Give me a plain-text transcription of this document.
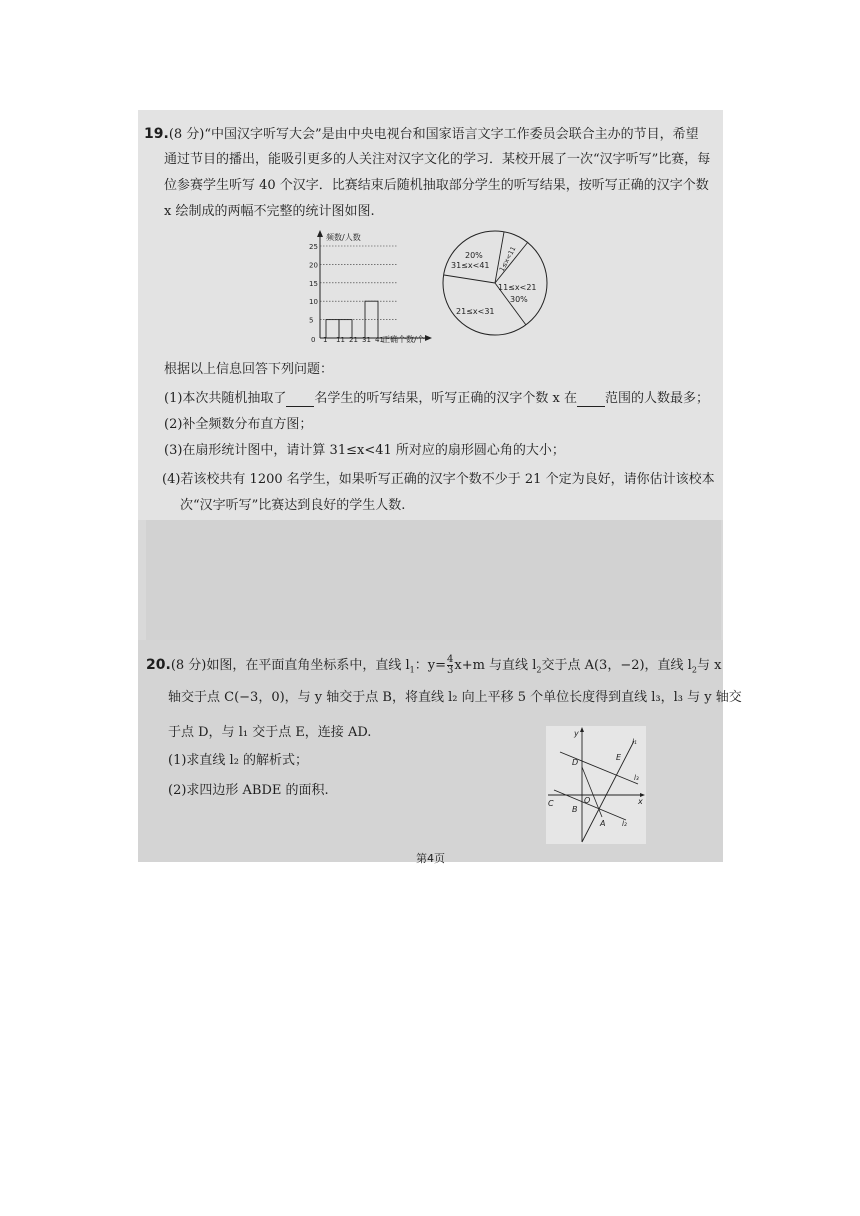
19.(8 分)“中国汉字听写大会”是由中央电视台和国家语言文字工作委员会联合主办的节目，希望
通过节目的播出，能吸引更多的人关注对汉字文化的学习．某校开展了一次“汉字听写”比赛，每
位参赛学生听写 40 个汉字．比赛结束后随机抽取部分学生的听写结果，按听写正确的汉字个数
x 绘制成的两幅不完整的统计图如图.
频数/人数
正确个数/个
5
10
15
20
25
1 11 21 31 41
0
20%
31≤x<41 1≤x<11
11≤x<21
30%
21≤x<31
根据以上信息回答下列问题：
(1)本次共随机抽取了 名学生的听写结果，听写正确的汉字个数 x 在 范围的人数最多；
(2)补全频数分布直方图；
(3)在扇形统计图中，请计算 31≤x<41 所对应的扇形圆心角的大小；
(4)若该校共有 1200 名学生，如果听写正确的汉字个数不少于 21 个定为良好，请你估计该校本
次“汉字听写”比赛达到良好的学生人数.
20.(8 分)如图，在平面直角坐标系中，直线 $l_1$：$y= \frac{4}{3} x+m$ 与直线 $l_2$交于点 A(3，−2)，直线 $l_2$与 x
轴交于点 C(−3，0)，与 y 轴交于点 B，将直线 l₂ 向上平移 5 个单位长度得到直线 l₃，l₃ 与 y 轴交
于点 D，与 l₁ 交于点 E，连接 AD.
(1)求直线 l₂ 的解析式；
(2)求四边形 ABDE 的面积.
y
D
E
l₁
l₃
C	O	x
B
A l₂
第4页
